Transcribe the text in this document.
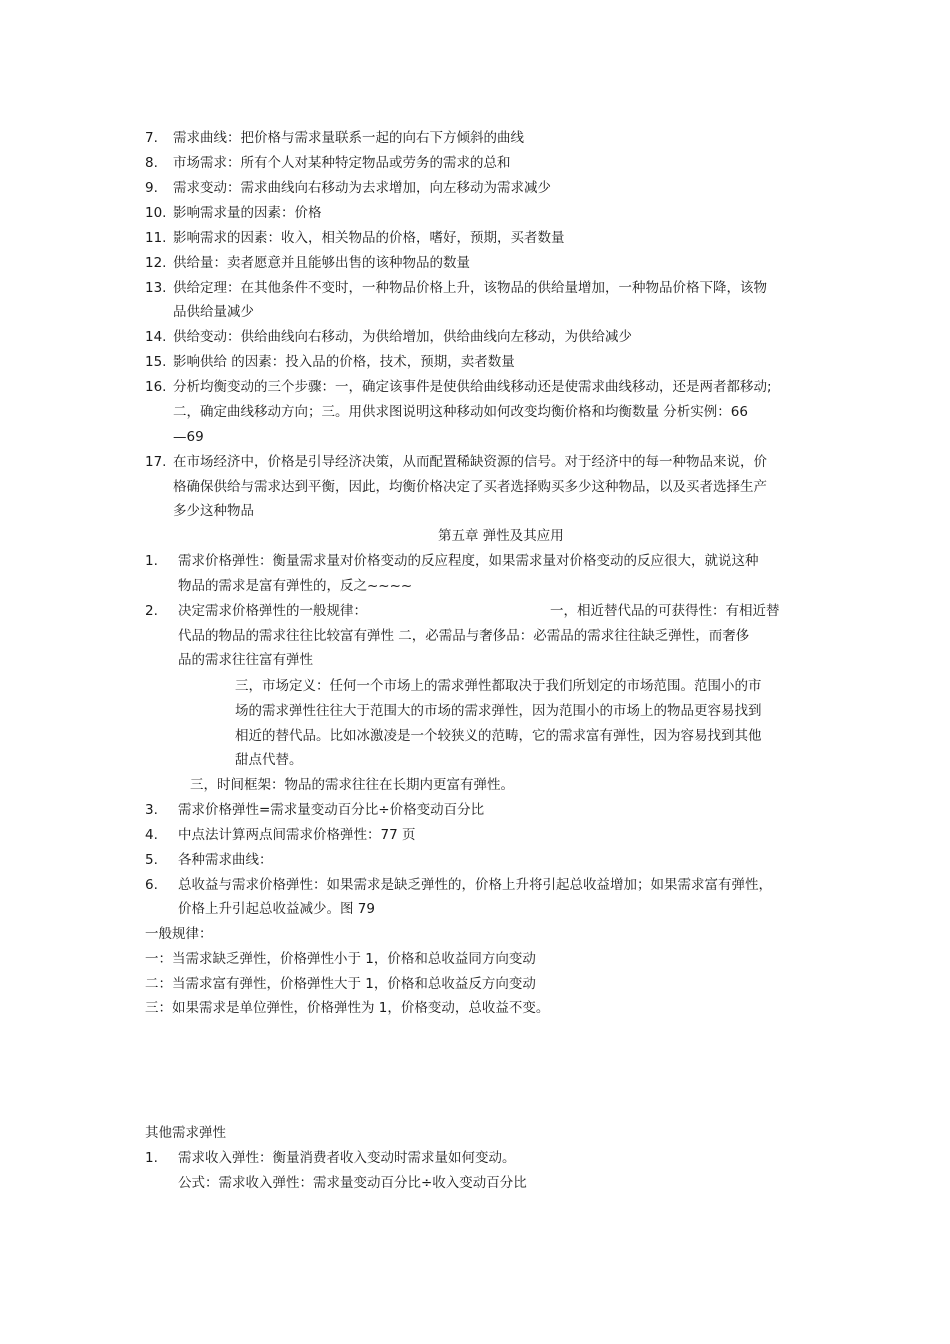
7. 需求曲线：把价格与需求量联系一起的向右下方倾斜的曲线
8. 市场需求：所有个人对某种特定物品或劳务的需求的总和
9. 需求变动：需求曲线向右移动为去求增加，向左移动为需求减少
10. 影响需求量的因素：价格
11. 影响需求的因素：收入，相关物品的价格，嗜好，预期，买者数量
12. 供给量：卖者愿意并且能够出售的该种物品的数量
13. 供给定理：在其他条件不变时，一种物品价格上升，该物品的供给量增加，一种物品价格下降，该物
品供给量减少
14. 供给变动：供给曲线向右移动，为供给增加，供给曲线向左移动，为供给减少
15. 影响供给 的因素：投入品的价格，技术，预期，卖者数量
16. 分析均衡变动的三个步骤：一，确定该事件是使供给曲线移动还是使需求曲线移动，还是两者都移动;
二，确定曲线移动方向；三。用供求图说明这种移动如何改变均衡价格和均衡数量 分析实例：66
—69
17. 在市场经济中，价格是引导经济决策，从而配置稀缺资源的信号。对于经济中的每一种物品来说，价
格确保供给与需求达到平衡，因此，均衡价格决定了买者选择购买多少这种物品，以及买者选择生产
多少这种物品
第五章 弹性及其应用
1. 需求价格弹性：衡量需求量对价格变动的反应程度，如果需求量对价格变动的反应很大，就说这种
物品的需求是富有弹性的，反之~~~~
2. 决定需求价格弹性的一般规律：	一，相近替代品的可获得性：有相近替
代品的物品的需求往往比较富有弹性 二，必需品与奢侈品：必需品的需求往往缺乏弹性，而奢侈
品的需求往往富有弹性
三，市场定义：任何一个市场上的需求弹性都取决于我们所划定的市场范围。范围小的市
场的需求弹性往往大于范围大的市场的需求弹性，因为范围小的市场上的物品更容易找到
相近的替代品。比如冰激凌是一个较狭义的范畴，它的需求富有弹性，因为容易找到其他
甜点代替。
三，时间框架：物品的需求往往在长期内更富有弹性。
3. 需求价格弹性=需求量变动百分比÷价格变动百分比
4. 中点法计算两点间需求价格弹性：77 页
5. 各种需求曲线：
6. 总收益与需求价格弹性：如果需求是缺乏弹性的，价格上升将引起总收益增加；如果需求富有弹性，
价格上升引起总收益减少。图 79
一般规律：
一：当需求缺乏弹性，价格弹性小于 1，价格和总收益同方向变动
二：当需求富有弹性，价格弹性大于 1，价格和总收益反方向变动
三：如果需求是单位弹性，价格弹性为 1，价格变动，总收益不变。
其他需求弹性
1. 需求收入弹性：衡量消费者收入变动时需求量如何变动。
公式：需求收入弹性：需求量变动百分比÷收入变动百分比
